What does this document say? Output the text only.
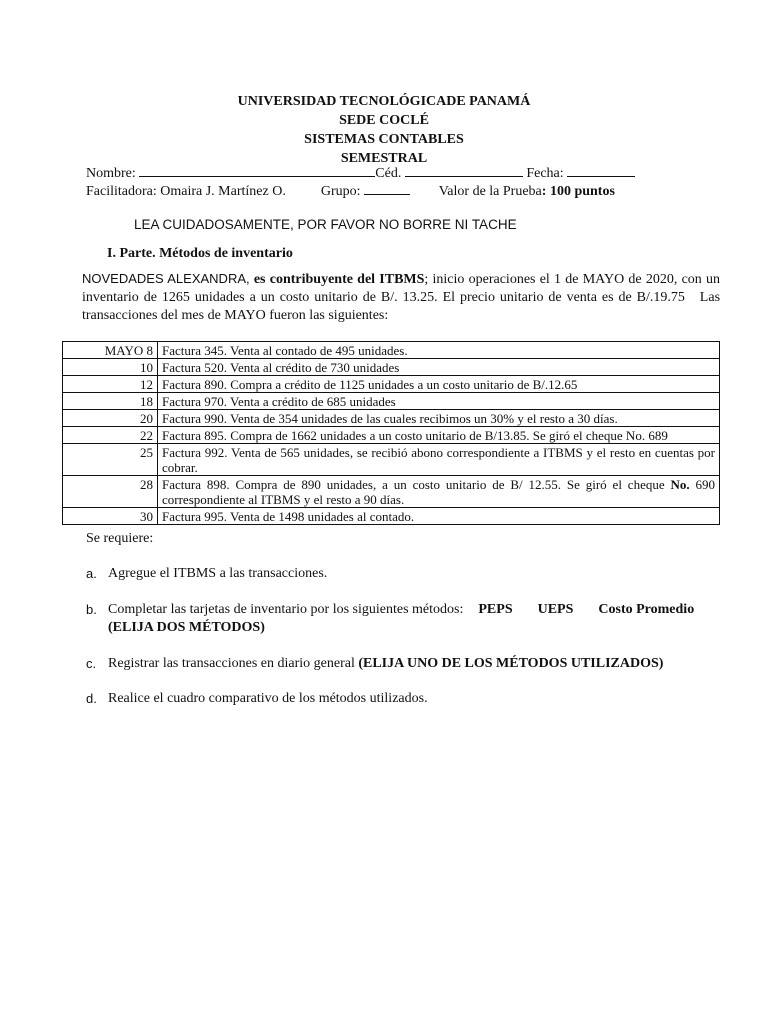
UNIVERSIDAD TECNOLÓGICADE PANAMÁ
SEDE COCLÉ
SISTEMAS CONTABLES
SEMESTRAL
Nombre:	Céd.	Fecha:
Facilitadora: Omaira J. Martínez O.	Grupo:	Valor de la Prueba: 100 puntos
LEA CUIDADOSAMENTE, POR FAVOR NO BORRE NI TACHE
I. Parte. Métodos de inventario
NOVEDADES ALEXANDRA, es contribuyente del ITBMS; inicio operaciones el 1 de MAYO de 2020, con un inventario de 1265 unidades a un costo unitario de B/. 13.25. El precio unitario de venta es de B/.19.75 Las transacciones del mes de MAYO fueron las siguientes:
MAYO 8	Factura 345. Venta al contado de 495 unidades.
10	Factura 520. Venta al crédito de 730 unidades
12	Factura 890. Compra a crédito de 1125 unidades a un costo unitario de B/.12.65
18	Factura 970. Venta a crédito de 685 unidades
20	Factura 990. Venta de 354 unidades de las cuales recibimos un 30% y el resto a 30 días.
22	Factura 895. Compra de 1662 unidades a un costo unitario de B/13.85. Se giró el cheque No. 689
25	Factura 992. Venta de 565 unidades, se recibió abono correspondiente a ITBMS y el resto en cuentas por cobrar.
28	Factura 898. Compra de 890 unidades, a un costo unitario de B/ 12.55. Se giró el cheque No. 690 correspondiente al ITBMS y el resto a 90 días.
30	Factura 995. Venta de 1498 unidades al contado.
Se requiere:
a. Agregue el ITBMS a las transacciones.
b. Completar las tarjetas de inventario por los siguientes métodos: PEPS UEPS Costo Promedio
(ELIJA DOS MÉTODOS)
c. Registrar las transacciones en diario general (ELIJA UNO DE LOS MÉTODOS UTILIZADOS)
d. Realice el cuadro comparativo de los métodos utilizados.
